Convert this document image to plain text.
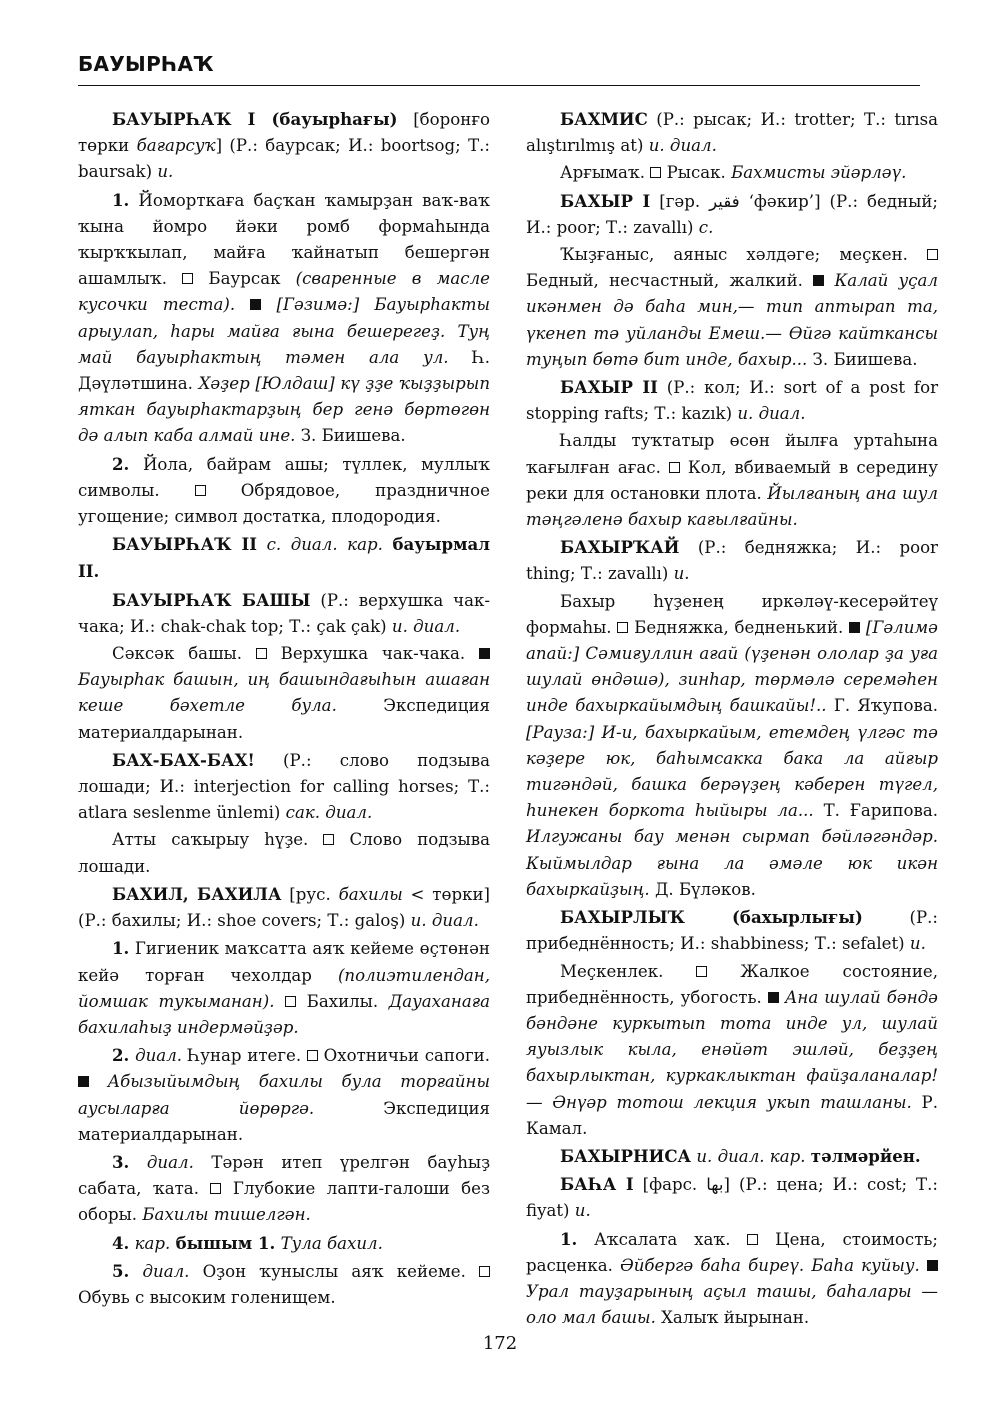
БАУЫРҺАҠ

БАУЫРҺАҠ I (бауырһағы) [боронғо төрки бағарсуҡ] (Р.: баурсак; И.: boortsog; Т.: baursak) и.

1. Йоморткаға баҫҡан ҡамырҙан ваҡ-ваҡ ҡына йомро йәки ромб формаһында ҡырҡҡылап, майға ҡайнатып бешергән ашамлыҡ.  Баурсак (сваренные в масле кусочки теста).  [Гәзимә:] Бауырһакты арыулап, һары майға ғына бешерегеҙ. Туң май бауырһактың тәмен ала ул. Һ. Дәүләтшина. Хәҙер [Юлдаш] кү ҙҙе ҡыҙҙырып яткан бауырһактарҙың бер генә бөртөгөн дә алып каба алмай ине. З. Биишева.

2. Йола, байрам ашы; түллек, муллыҡ символы.  Обрядовое, праздничное угощение; символ достатка, плодородия.

БАУЫРҺАҠ II с. диал. кар. бауырмал II.

БАУЫРҺАҠ БАШЫ (Р.: верхушка чак-чака; И.: chak-chak top; Т.: çak çak) и. диал.

Сәксәк башы.  Верхушка чак-чака.  Бауырһак башын, иң башындағыһын ашаған кеше бәхетле була. Экспедиция материалдарынан.

БАХ-БАХ-БАХ! (Р.: слово подзыва лошади; И.: interjection for calling horses; Т.: atlara seslenme ünlemi) сак. диал.

Атты саҡырыу һүҙе.  Слово подзыва лошади.

БАХИЛ, БАХИЛА [рус. бахилы < төрки] (Р.: бахилы; И.: shoe covers; Т.: galoş) и. диал.

1. Гигиеник маҡсатта аяҡ кейеме өҫтөнән кейә торған чехолдар (полиэтилендан, йомшак тукыманан).  Бахилы. Дауаханаға бахилаһыҙ индермәйҙәр.

2. диал. Һунар итеге.  Охотничьи сапоги.  Абызыйымдың бахилы була торғайны аусыларға йөрөргә. Экспедиция материалдарынан.

3. диал. Тәрән итеп үрелгән бауһыҙ сабата, ҡата.  Глубокие лапти-галоши без оборы. Бахилы тишелгән.

4. кар. бышым 1. Тула бахил.

5. диал. Оҙон ҡуныслы аяҡ кейеме.  Обувь с высоким голенищем.

БАХМИС (Р.: рысак; И.: trotter; Т.: tırısa alıştırılmış at) и. диал.

Арғымаҡ.  Рысак. Бахмисты эйәрләү.

БАХЫР I [гәр. فقير ‘фәкир’] (Р.: бедный; И.: poor; Т.: zavallı) с.

Ҡыҙғаныс, аяныс хәлдәге; меҫкен.  Бедный, несчастный, жалкий.  Калай уҫал икәнмен дә баһа мин,— тип аптырап та, үкенеп тә уйланды Емеш.— Өйгә кайткансы туңып бөтә бит инде, бахыр... З. Биишева.

БАХЫР II (Р.: кол; И.: sort of a post for stopping rafts; Т.: kazık) и. диал.

Һалды туҡтатыр өсөн йылға уртаһына ҡағылған ағас.  Кол, вбиваемый в середину реки для остановки плота. Йылғаның ана шул тәңгәленә бахыр кағылғайны.

БАХЫРҠАЙ (Р.: бедняжка; И.: poor thing; Т.: zavallı) и.

Бахыр һүҙенең иркәләү-кесерәйтеү формаһы.  Бедняжка, бедненький.  [Гәлимә апай:] Сәмиғуллин ағай (үҙенән ололар ҙа уға шулай өндәшә), зинһар, төрмәлә серемәһен инде бахыркайымдың башкайы!.. Г. Яҡупова. [Рауза:] И-и, бахыркайым, етемдең үлгәс тә кәҙере юк, баһымсакка бака ла айғыр тигәндәй, башка берәүҙең кәберен түгел, һинекен боркота һыйыры ла... Т. Ғарипова. Илгужаны бау менән сырмап бәйләгәндәр. Кыймылдар ғына ла әмәле юк икән бахыркайҙың. Д. Бүләков.

БАХЫРЛЫҠ (бахырлығы) (Р.: прибеднённость; И.: shabbiness; Т.: sefalet) и.

Меҫкенлек.  Жалкое состояние, прибеднённость, убогость.  Ана шулай бәндә бәндәне куркытып тота инде ул, шулай яуызлык кыла, енәйәт эшләй, беҙҙең бахырлыктан, куркаклыктан файҙаланалар! — Әнүәр тотош лекция укып ташланы. Р. Камал.

БАХЫРНИСА и. диал. кар. тәлмәрйен.

БАҺА I [фарс. بها] (Р.: цена; И.: cost; Т.: fiyat) и.

1. Аҡсалата хаҡ.  Цена, стоимость; расценка. Әйбергә баһа биреү. Баһа куйыу.  Урал тауҙарының аҫыл ташы, баһалары — оло мал башы. Халыҡ йырынан.

172
